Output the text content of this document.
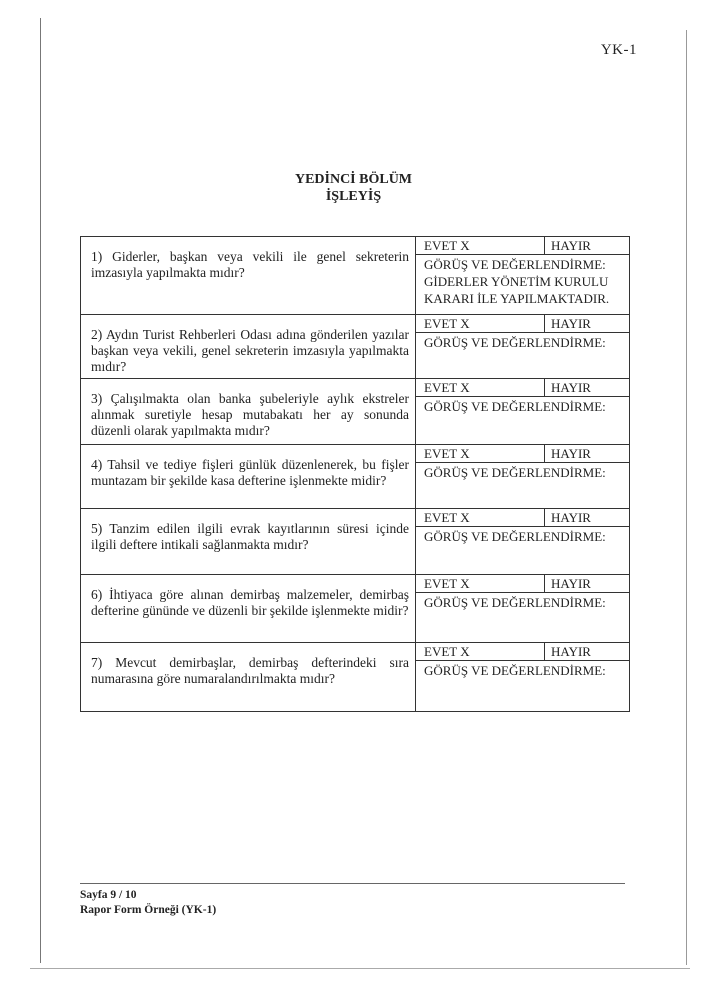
YK-1
YEDİNCİ BÖLÜM
İŞLEYİŞ
1) Giderler, başkan veya vekili ile genel sekreterin imzasıyla yapılmakta mıdır?
EVET X	HAYIR
GÖRÜŞ VE DEĞERLENDİRME:
GİDERLER YÖNETİM KURULU KARARI İLE YAPILMAKTADIR.
2) Aydın Turist Rehberleri Odası adına gönderilen yazılar başkan veya vekili, genel sekreterin imzasıyla yapılmakta mıdır?
EVET X	HAYIR
GÖRÜŞ VE DEĞERLENDİRME:
3) Çalışılmakta olan banka şubeleriyle aylık ekstreler alınmak suretiyle hesap mutabakatı her ay sonunda düzenli olarak yapılmakta mıdır?
EVET X	HAYIR
GÖRÜŞ VE DEĞERLENDİRME:
4) Tahsil ve tediye fişleri günlük düzenlenerek, bu fişler muntazam bir şekilde kasa defterine işlenmekte midir?
EVET X	HAYIR
GÖRÜŞ VE DEĞERLENDİRME:
5) Tanzim edilen ilgili evrak kayıtlarının süresi içinde ilgili deftere intikali sağlanmakta mıdır?
EVET X	HAYIR
GÖRÜŞ VE DEĞERLENDİRME:
6) İhtiyaca göre alınan demirbaş malzemeler, demirbaş defterine gününde ve düzenli bir şekilde işlenmekte midir?
EVET X	HAYIR
GÖRÜŞ VE DEĞERLENDİRME:
7) Mevcut demirbaşlar, demirbaş defterindeki sıra numarasına göre numaralandırılmakta mıdır?
EVET X	HAYIR
GÖRÜŞ VE DEĞERLENDİRME:
Sayfa 9 / 10
Rapor Form Örneği (YK-1)
